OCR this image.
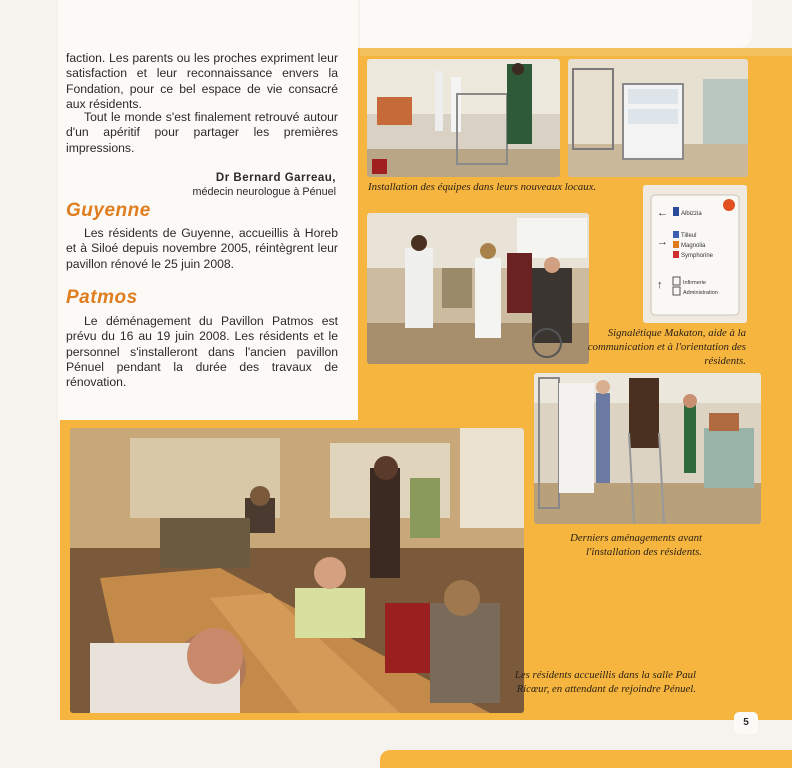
faction. Les parents ou les proches expriment leur satisfaction et leur reconnaissance envers la Fondation, pour ce bel espace de vie consacré aux résidents.
Tout le monde s'est finalement retrouvé autour d'un apéritif pour partager les premières impressions.
Dr Bernard Garreau,
médecin neurologue à Pénuel
Guyenne
Les résidents de Guyenne, accueillis à Horeb et à Siloé depuis novembre 2005, réintègrent leur pavillon rénové le 25 juin 2008.
Patmos
Le déménagement du Pavillon Patmos est prévu du 16 au 19 juin 2008. Les résidents et le personnel s'installeront dans l'ancien pavillon Pénuel pendant la durée des travaux de rénovation.
Installation des équipes dans leurs nouveaux locaux.
← Albizzia
→ Tilleul
Magnolia
Symphorine
↑	Infirmerie
Administration
Signalétique Makaton, aide à la communication et à l'orientation des résidents.
Derniers aménagements avant l'installation des résidents.
Les résidents accueillis dans la salle Paul Ricœur, en attendant de rejoindre Pénuel.
5
